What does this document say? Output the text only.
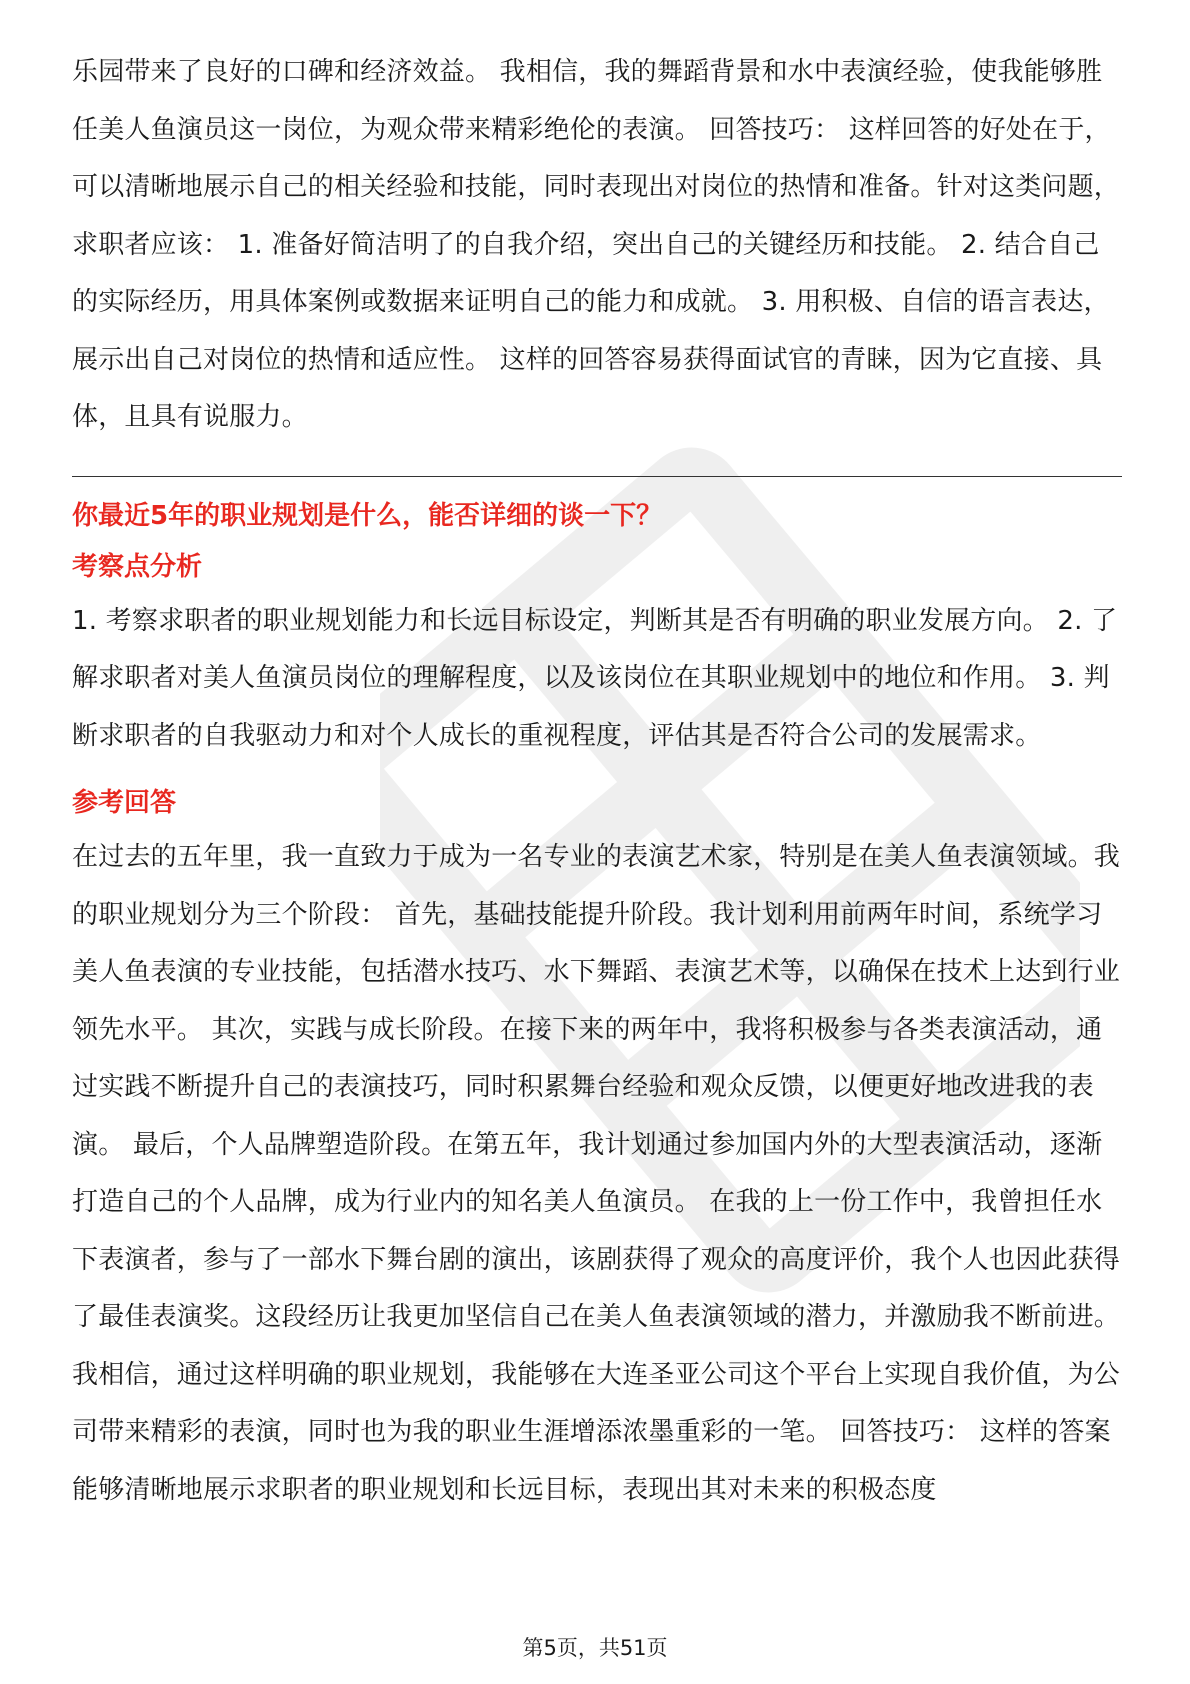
乐园带来了良好的口碑和经济效益。 我相信，我的舞蹈背景和水中表演经验，使我能够胜任美人鱼演员这一岗位，为观众带来精彩绝伦的表演。 回答技巧： 这样回答的好处在于，可以清晰地展示自己的相关经验和技能，同时表现出对岗位的热情和准备。针对这类问题，求职者应该： 1. 准备好简洁明了的自我介绍，突出自己的关键经历和技能。 2. 结合自己的实际经历，用具体案例或数据来证明自己的能力和成就。 3. 用积极、自信的语言表达，展示出自己对岗位的热情和适应性。 这样的回答容易获得面试官的青睐，因为它直接、具体，且具有说服力。

你最近5年的职业规划是什么，能否详细的谈一下？

考察点分析

1. 考察求职者的职业规划能力和长远目标设定，判断其是否有明确的职业发展方向。 2. 了解求职者对美人鱼演员岗位的理解程度，以及该岗位在其职业规划中的地位和作用。 3. 判断求职者的自我驱动力和对个人成长的重视程度，评估其是否符合公司的发展需求。

参考回答

在过去的五年里，我一直致力于成为一名专业的表演艺术家，特别是在美人鱼表演领域。我的职业规划分为三个阶段： 首先，基础技能提升阶段。我计划利用前两年时间，系统学习美人鱼表演的专业技能，包括潜水技巧、水下舞蹈、表演艺术等，以确保在技术上达到行业领先水平。 其次，实践与成长阶段。在接下来的两年中，我将积极参与各类表演活动，通过实践不断提升自己的表演技巧，同时积累舞台经验和观众反馈，以便更好地改进我的表演。 最后，个人品牌塑造阶段。在第五年，我计划通过参加国内外的大型表演活动，逐渐打造自己的个人品牌，成为行业内的知名美人鱼演员。 在我的上一份工作中，我曾担任水下表演者，参与了一部水下舞台剧的演出，该剧获得了观众的高度评价，我个人也因此获得了最佳表演奖。这段经历让我更加坚信自己在美人鱼表演领域的潜力，并激励我不断前进。 我相信，通过这样明确的职业规划，我能够在大连圣亚公司这个平台上实现自我价值，为公司带来精彩的表演，同时也为我的职业生涯增添浓墨重彩的一笔。 回答技巧： 这样的答案能够清晰地展示求职者的职业规划和长远目标，表现出其对未来的积极态度

第5页，共51页
